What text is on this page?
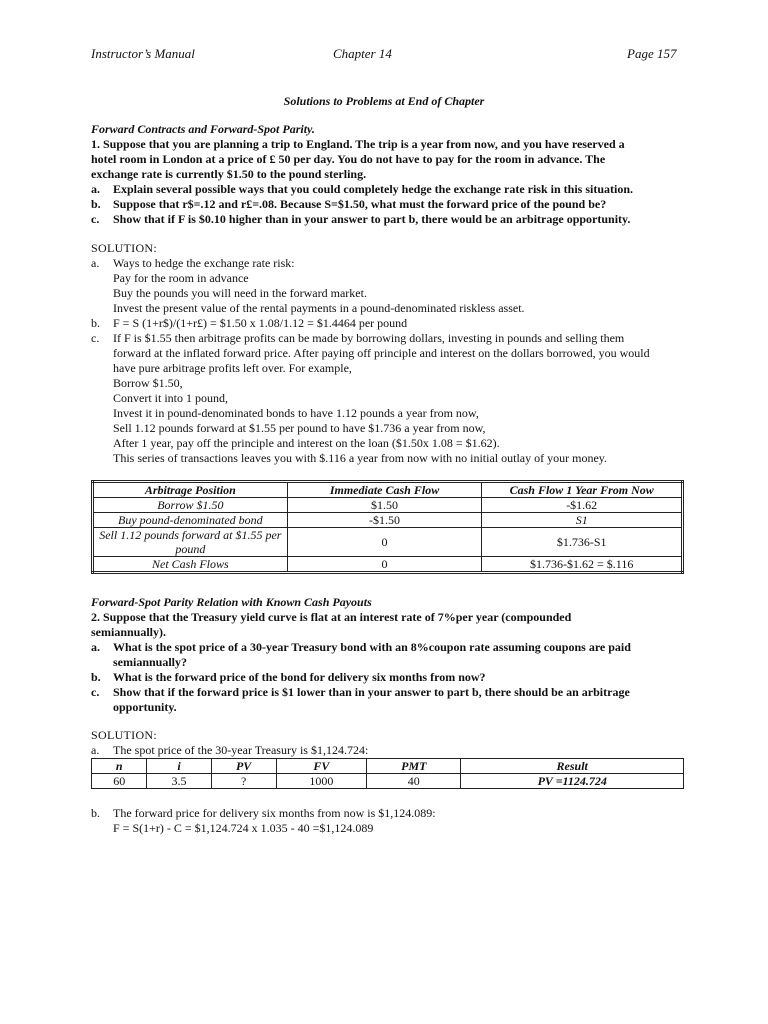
Instructor’s Manual	Chapter 14	Page 157
Solutions to Problems at End of Chapter
Forward Contracts and Forward-Spot Parity.
1. Suppose that you are planning a trip to England. The trip is a year from now, and you have reserved a
hotel room in London at a price of £ 50 per day. You do not have to pay for the room in advance. The
exchange rate is currently $1.50 to the pound sterling.
a.	Explain several possible ways that you could completely hedge the exchange rate risk in this situation.
b.	Suppose that r$=.12 and r£=.08. Because S=$1.50, what must the forward price of the pound be?
c.	Show that if F is $0.10 higher than in your answer to part b, there would be an arbitrage opportunity.
SOLUTION:
a.	Ways to hedge the exchange rate risk:
Pay for the room in advance
Buy the pounds you will need in the forward market.
Invest the present value of the rental payments in a pound-denominated riskless asset.
b.	F = S (1+r$)/(1+r£) = $1.50 x 1.08/1.12 = $1.4464 per pound
c.	If F is $1.55 then arbitrage profits can be made by borrowing dollars, investing in pounds and selling them
forward at the inflated forward price. After paying off principle and interest on the dollars borrowed, you would
have pure arbitrage profits left over. For example,
Borrow $1.50,
Convert it into 1 pound,
Invest it in pound-denominated bonds to have 1.12 pounds a year from now,
Sell 1.12 pounds forward at $1.55 per pound to have $1.736 a year from now,
After 1 year, pay off the principle and interest on the loan ($1.50x 1.08 = $1.62).
This series of transactions leaves you with $.116 a year from now with no initial outlay of your money.
Arbitrage Position	Immediate Cash Flow	Cash Flow 1 Year From Now
Borrow $1.50	$1.50	-$1.62
Buy pound-denominated bond	-$1.50	S1
Sell 1.12 pounds forward at $1.55 per pound	0	$1.736-S1
Net Cash Flows	0	$1.736-$1.62 = $.116
Forward-Spot Parity Relation with Known Cash Payouts
2. Suppose that the Treasury yield curve is flat at an interest rate of 7%per year (compounded
semiannually).
a.	What is the spot price of a 30-year Treasury bond with an 8%coupon rate assuming coupons are paid semiannually?
b.	What is the forward price of the bond for delivery six months from now?
c.	Show that if the forward price is $1 lower than in your answer to part b, there should be an arbitrage opportunity.
SOLUTION:
a.	The spot price of the 30-year Treasury is $1,124.724:
n	i	PV	FV	PMT	Result
60	3.5	?	1000	40	PV =1124.724
b.	The forward price for delivery six months from now is $1,124.089:
F = S(1+r) - C = $1,124.724 x 1.035 - 40 =$1,124.089
